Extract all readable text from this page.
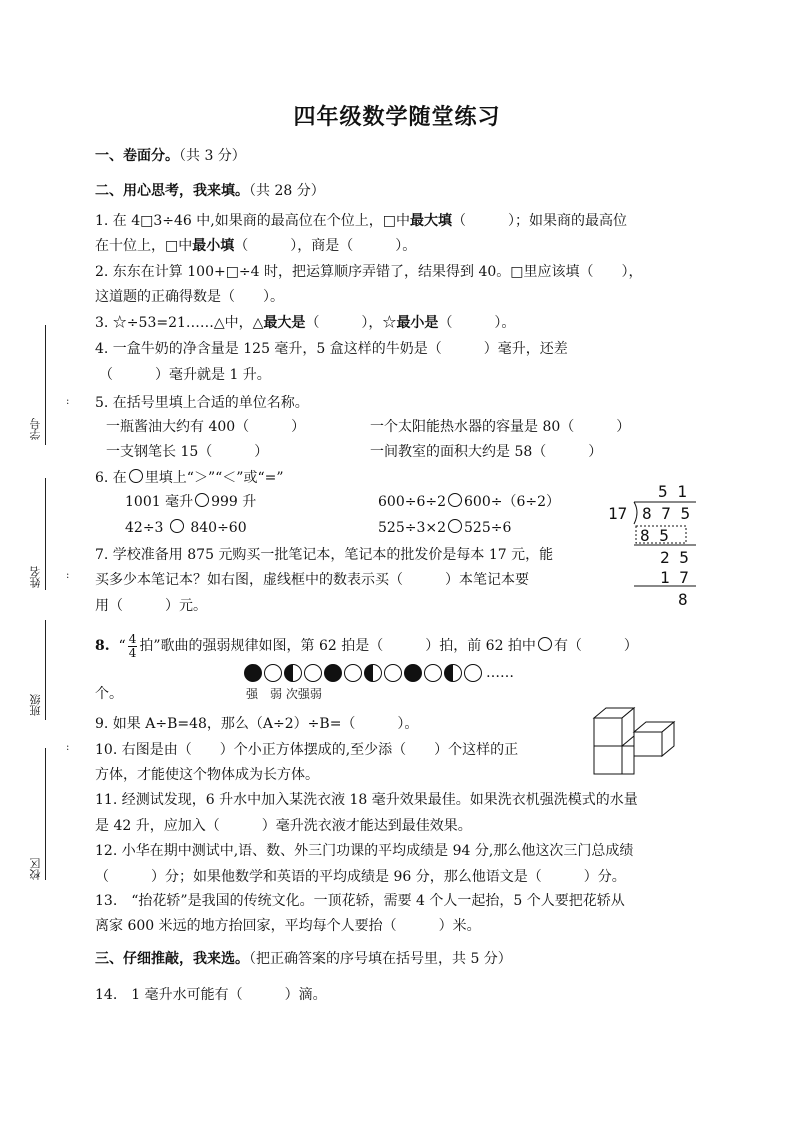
学号
:
姓名 :
班级
:
校区
四年级数学随堂练习
一、卷面分。（共 3 分）
二、用心思考，我来填。（共 28 分）
1. 在 4□3÷46 中,如果商的最高位在个位上，□中最大填（　　　）；如果商的最高位
在十位上，□中最小填（　　　），商是（　　　）。
2. 东东在计算 100+□÷4 时，把运算顺序弄错了，结果得到 40。□里应该填（　　），
这道题的正确得数是（　　）。
3. ☆÷53=21……△中，△最大是（　　　），☆最小是（　　　）。
4. 一盒牛奶的净含量是 125 毫升，5 盒这样的牛奶是（　　　）毫升，还差
（　　　）毫升就是 1 升。
5. 在括号里填上合适的单位名称。
一瓶酱油大约有 400（　　　）	一个太阳能热水器的容量是 80（　　　）
一支钢笔长 15（　　　）	一间教室的面积大约是 58（　　　）
6. 在 里填上“＞”“＜”或“=”
1001 毫升 999 升	600÷6÷2 600÷（6÷2）
42÷3 840÷60	525÷3×2 525÷6
5 1
17 8 7 5
8 5
2 5
1 7
8
7. 学校准备用 875 元购买一批笔记本，笔记本的批发价是每本 17 元，能
买多少本笔记本？如右图，虚线框中的数表示买（　　　）本笔记本要
用（　　　）元。
8. “ $\frac{4}{4}$ 拍”歌曲的强弱规律如图，第 62 拍是（　　　）拍，前 62 拍中 有（　　　）
……
强　弱 次强弱
个。
9. 如果 A÷B=48，那么（A÷2）÷B=（　　　）。
10. 右图是由（　　）个小正方体摆成的,至少添（　　）个这样的正
方体，才能使这个物体成为长方体。
11. 经测试发现，6 升水中加入某洗衣液 18 毫升效果最佳。如果洗衣机强洗模式的水量
是 42 升，应加入（　　　）毫升洗衣液才能达到最佳效果。
12. 小华在期中测试中,语、数、外三门功课的平均成绩是 94 分,那么他这次三门总成绩
（　　　）分；如果他数学和英语的平均成绩是 96 分，那么他语文是（　　　）分。
13.　“抬花轿”是我国的传统文化。一顶花轿，需要 4 个人一起抬，5 个人要把花轿从
离家 600 米远的地方抬回家，平均每个人要抬（　　　）米。
三、仔细推敲，我来选。（把正确答案的序号填在括号里，共 5 分）
14.　1 毫升水可能有（　　　）滴。
